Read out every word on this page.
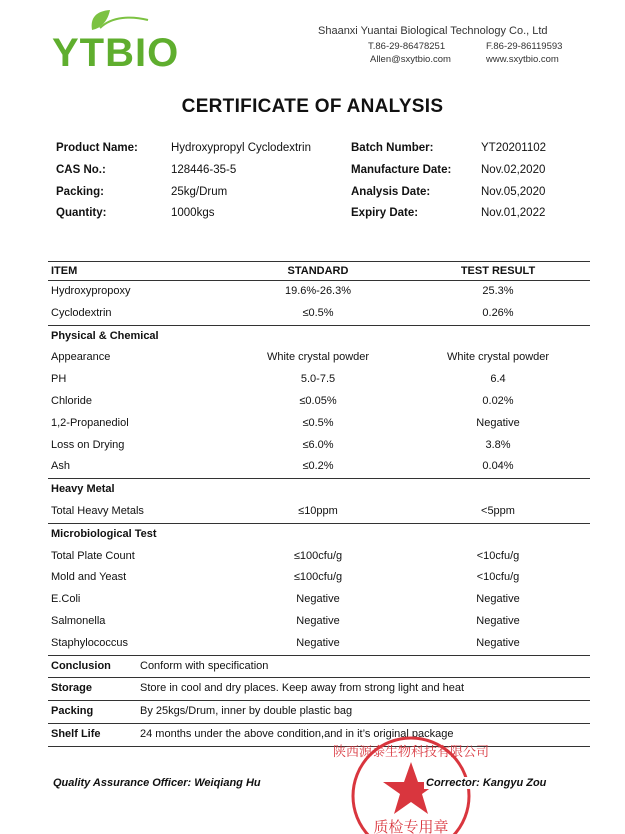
YTBIO	Shaanxi Yuantai Biological Technology Co., Ltd
T.86-29-86478251	F.86-29-86119593
Allen@sxytbio.com	www.sxytbio.com
CERTIFICATE OF ANALYSIS
Product Name:	Hydroxypropyl Cyclodextrin	Batch Number:	YT20201102
CAS No.:	128446-35-5	Manufacture Date:	Nov.02,2020
Packing:	25kg/Drum	Analysis Date:	Nov.05,2020
Quantity:	1000kgs	Expiry Date:	Nov.01,2022
ITEM	STANDARD	TEST RESULT
Hydroxypropoxy	19.6%-26.3%	25.3%
Cyclodextrin	≤0.5%	0.26%
Physical & Chemical
Appearance	White crystal powder	White crystal powder
PH	5.0-7.5	6.4
Chloride	≤0.05%	0.02%
1,2-Propanediol	≤0.5%	Negative
Loss on Drying	≤6.0%	3.8%
Ash	≤0.2%	0.04%
Heavy Metal
Total Heavy Metals	≤10ppm	<5ppm
Microbiological Test
Total Plate Count	≤100cfu/g	<10cfu/g
Mold and Yeast	≤100cfu/g	<10cfu/g
E.Coli	Negative	Negative
Salmonella	Negative	Negative
Staphylococcus	Negative	Negative
Conclusion	Conform with specification
Storage	Store in cool and dry places. Keep away from strong light and heat
Packing	By 25kgs/Drum, inner by double plastic bag
Shelf Life	24 months under the above condition,and in it’s original package
Quality Assurance Officer: Weiqiang Hu	Corrector: Kangyu Zou
陕西源泰生物科技有限公司
质检专用章
